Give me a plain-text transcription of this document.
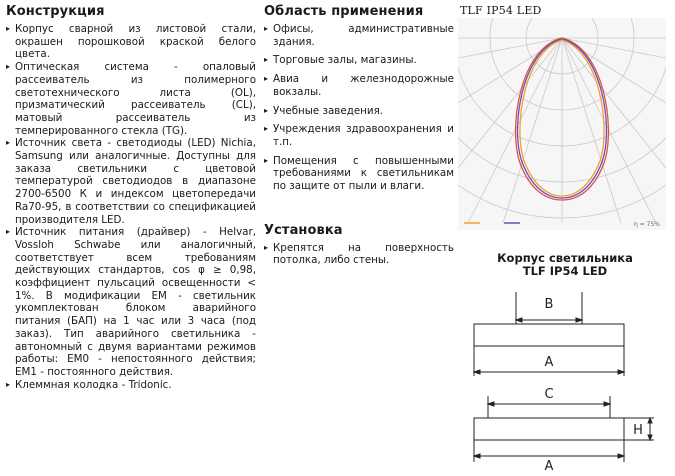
Конструкция
▸ Корпус сварной из листовой стали, окрашен порошковой краской белого цвета.
▸ Оптическая система - опаловый рассеиватель из полимерного светотехнического листа (OL), призматический рассеиватель (CL), матовый рассеиватель из темперированного стекла (TG).
▸ Источник света - светодиоды (LED) Nichia, Samsung или аналогичные. Доступны для заказа светильники с цветовой температурой светодиодов в диапазоне 2700-6500 К и индексом цветопередачи Ra70-95, в соответствии со спецификацией производителя LED.
▸ Источник питания (драйвер) - Helvar, Vossloh Schwabe или аналогичный, соответствует всем требованиям действующих стандартов, cos φ ≥ 0,98, коэффициент пульсаций освещенности < 1%. В модификации EM - светильник укомплектован блоком аварийного питания (БАП) на 1 час или 3 часа (под заказ). Тип аварийного светильника - автономный с двумя вариантами режимов работы: EM0 - непостоянного действия; EM1 - постоянного действия.
▸ Клеммная колодка - Tridonic.
Область применения
▸ Офисы, административные здания.
▸ Торговые залы, магазины.
▸ Авиа и железнодорожные вокзалы.
▸ Учебные заведения.
▸ Учреждения здравоохранения и т.п.
▸ Помещения с повышенными требованиями к светильникам по защите от пыли и влаги.
Установка
▸ Крепятся на поверхность потолка, либо стены.
TLF IP54 LED
η = 75%
Корпус светильника
TLF IP54 LED
B
A
C
A
H
